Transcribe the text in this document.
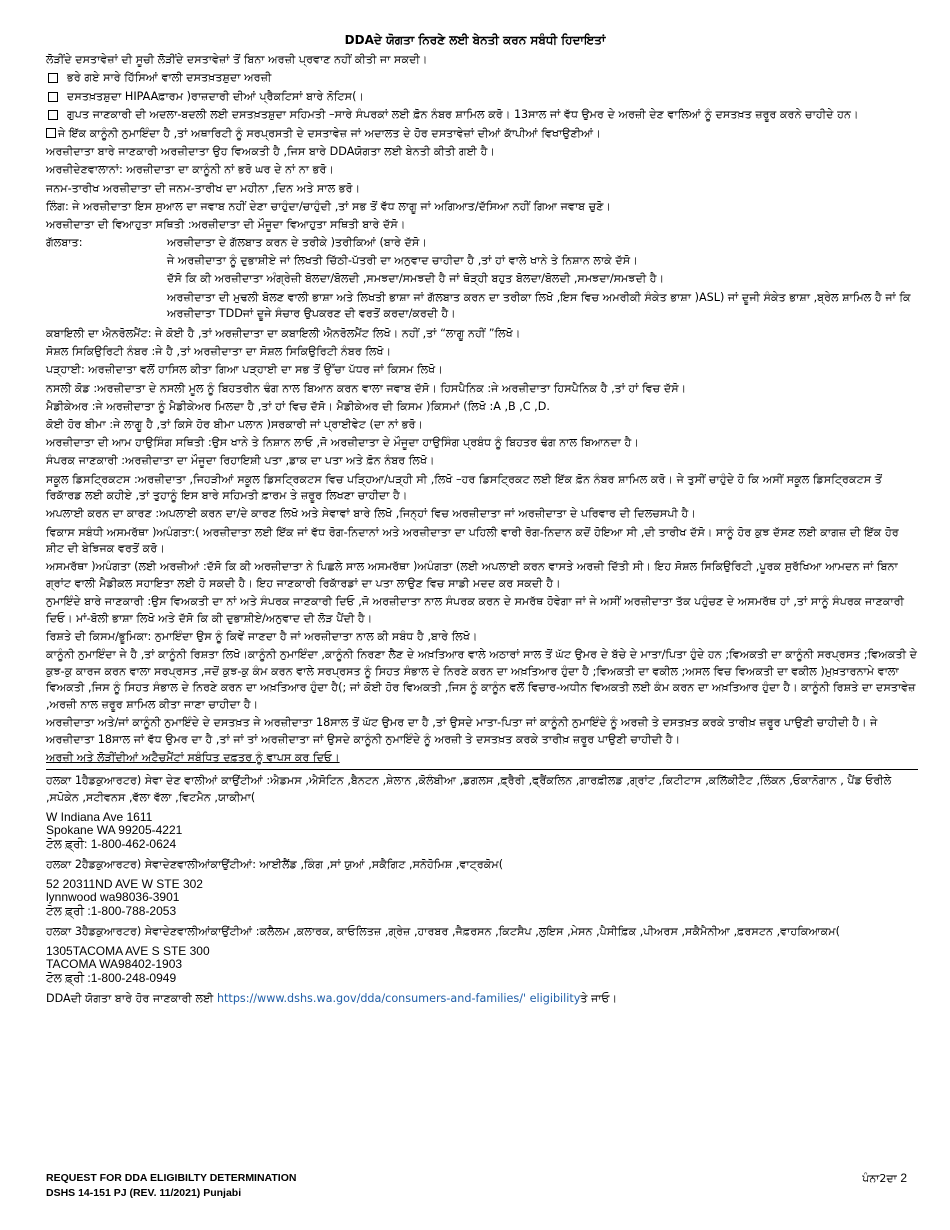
DDAਦੇ ਯੋਗਤਾ ਨਿਰਣੇ ਲਈ ਬੇਨਤੀ ਕਰਨ ਸਬੰਧੀ ਹਿਦਾਇਤਾਂ
ਲੋੜੀਂਦੇ ਦਸਤਾਵੇਜ਼ਾਂ ਦੀ ਸੂਚੀ ਲੋੜੀਂਦੇ ਦਸਤਾਵੇਜ਼ਾਂ ਤੋਂ ਬਿਨਾ ਅਰਜ਼ੀ ਪ੍ਰਵਾਣ ਨਹੀਂ ਕੀਤੀ ਜਾ ਸਕਦੀ।
ਭਰੇ ਗਏ ਸਾਰੇ ਹਿੱਸਿਆਂ ਵਾਲੀ ਦਸਤਖ਼ਤਸ਼ੁਦਾ ਅਰਜ਼ੀ
ਦਸਤਖ਼ਤਸ਼ੁਦਾ HIPAAਫ਼ਾਰਮ )ਰਾਜ਼ਦਾਰੀ ਦੀਆਂ ਪ੍ਰੈਕਟਿਸਾਂ ਬਾਰੇ ਨੋਟਿਸ(।
ਗੁਪਤ ਜਾਣਕਾਰੀ ਦੀ ਅਦਲਾ-ਬਦਲੀ ਲਈ ਦਸਤਖ਼ਤਸ਼ੁਦਾ ਸਹਿਮਤੀ –ਸਾਰੇ ਸੰਪਰਕਾਂ ਲਈ ਫ਼ੋਨ ਨੰਬਰ ਸ਼ਾਮਿਲ ਕਰੋ। 13ਸਾਲ ਜਾਂ ਵੱਧ ਉਮਰ ਦੇ ਅਰਜ਼ੀ ਦੇਣ ਵਾਲਿਆਂ ਨੂੰ ਦਸਤਖ਼ਤ ਜ਼ਰੂਰ ਕਰਨੇ ਚਾਹੀਦੇ ਹਨ।
ਜੇ ਇੱਕ ਕਾਨੂੰਨੀ ਨੁਮਾਇੰਦਾ ਹੈ ,ਤਾਂ ਅਥਾਰਿਟੀ ਨੂੰ ਸਰਪ੍ਰਸਤੀ ਦੇ ਦਸਤਾਵੇਜ਼ ਜਾਂ ਅਦਾਲਤ ਦੇ ਹੋਰ ਦਸਤਾਵੇਜ਼ਾਂ ਦੀਆਂ ਕਾੱਪੀਆਂ ਵਿਖਾਉਣੀਆਂ।
ਅਰਜ਼ੀਦਾਤਾ ਬਾਰੇ ਜਾਣਕਾਰੀ ਅਰਜ਼ੀਦਾਤਾ ਉਹ ਵਿਅਕਤੀ ਹੈ ,ਜਿਸ ਬਾਰੇ DDAਯੋਗਤਾ ਲਈ ਬੇਨਤੀ ਕੀਤੀ ਗਈ ਹੈ।
ਅਰਜ਼ੀਦੇਣਵਾਲਾਨਾਂ: ਅਰਜ਼ੀਦਾਤਾ ਦਾ ਕਾਨੂੰਨੀ ਨਾਂ ਭਰੋ ਘਰ ਦੇ ਨਾਂ ਨਾ ਭਰੋ।
ਜਨਮ-ਤਾਰੀਖ ਅਰਜ਼ੀਦਾਤਾ ਦੀ ਜਨਮ-ਤਾਰੀਖ ਦਾ ਮਹੀਨਾ ,ਦਿਨ ਅਤੇ ਸਾਲ ਭਰੋ।
ਲਿੰਗ: ਜੇ ਅਰਜ਼ੀਦਾਤਾ ਇਸ ਸੁਆਲ ਦਾ ਜਵਾਬ ਨਹੀਂ ਦੇਣਾ ਚਾਹੁੰਦਾ/ਚਾਹੁੰਦੀ ,ਤਾਂ ਸਭ ਤੋਂ ਵੱਧ ਲਾਗੂ ਜਾਂ ਅਗਿਆਤ/ਦੱਸਿਆ ਨਹੀਂ ਗਿਆ ਜਵਾਬ ਚੁਣੋ।
ਅਰਜ਼ੀਦਾਤਾ ਦੀ ਵਿਆਹੁਤਾ ਸਥਿਤੀ :ਅਰਜ਼ੀਦਾਤਾ ਦੀ ਮੌਜੂਦਾ ਵਿਆਹੁਤਾ ਸਥਿਤੀ ਬਾਰੇ ਦੱਸੋ।
ਗੱਲਬਾਤ:	ਅਰਜ਼ੀਦਾਤਾ ਦੇ ਗੱਲਬਾਤ ਕਰਨ ਦੇ ਤਰੀਕੇ )ਤਰੀਕਿਆਂ (ਬਾਰੇ ਦੱਸੋ।
ਜੇ ਅਰਜ਼ੀਦਾਤਾ ਨੂੰ ਦੁਭਾਸ਼ੀਏ ਜਾਂ ਲਿਖਤੀ ਚਿੱਠੀ-ਪੱਤਰੀ ਦਾ ਅਨੁਵਾਦ ਚਾਹੀਦਾ ਹੈ ,ਤਾਂ ਹਾਂ ਵਾਲੇ ਖਾਨੇ ਤੇ ਨਿਸ਼ਾਨ ਲਾਕੇ ਦੱਸੋ।
ਦੱਸੋ ਕਿ ਕੀ ਅਰਜ਼ੀਦਾਤਾ ਅੰਗ੍ਰੇਜ਼ੀ ਬੋਲਦਾ/ਬੋਲਦੀ ,ਸਮਝਦਾ/ਸਮਝਦੀ ਹੈ ਜਾਂ ਥੋੜ੍ਹੀ ਬਹੁਤ ਬੋਲਦਾ/ਬੋਲਦੀ ,ਸਮਝਦਾ/ਸਮਝਦੀ ਹੈ।
ਅਰਜ਼ੀਦਾਤਾ ਦੀ ਮੁਢਲੀ ਬੋਲਣ ਵਾਲੀ ਭਾਸ਼ਾ ਅਤੇ ਲਿਖਤੀ ਭਾਸ਼ਾ ਜਾਂ ਗੱਲਬਾਤ ਕਰਨ ਦਾ ਤਰੀਕਾ ਲਿਖੋ ,ਇਸ ਵਿਚ ਅਮਰੀਕੀ ਸੰਕੇਤ ਭਾਸ਼ਾ )ASL) ਜਾਂ ਦੂਜੀ ਸੰਕੇਤ ਭਾਸ਼ਾ ,ਬ੍ਰੇਲ ਸ਼ਾਮਿਲ ਹੈ ਜਾਂ ਕਿ ਅਰਜ਼ੀਦਾਤਾ TDDਜਾਂ ਦੂਜੇ ਸੰਚਾਰ ਉਪਕਰਣ ਦੀ ਵਰਤੋਂ ਕਰਦਾ/ਕਰਦੀ ਹੈ।
ਕਬਾਇਲੀ ਦਾ ਐਨਰੋਲਮੈਂਟ: ਜੇ ਕੋਈ ਹੈ ,ਤਾਂ ਅਰਜ਼ੀਦਾਤਾ ਦਾ ਕਬਾਇਲੀ ਐਨਰੋਲਮੈਂਟ ਲਿਖੋ। ਨਹੀਂ ,ਤਾਂ “ਲਾਗੂ ਨਹੀਂ ”ਲਿਖੋ।
ਸੋਸ਼ਲ ਸਿਕਿਉਰਿਟੀ ਨੰਬਰ :ਜੇ ਹੈ ,ਤਾਂ ਅਰਜ਼ੀਦਾਤਾ ਦਾ ਸੋਸ਼ਲ ਸਿਕਿਉਰਿਟੀ ਨੰਬਰ ਲਿਖੋ।
ਪੜ੍ਹਾਈ: ਅਰਜ਼ੀਦਾਤਾ ਵਲੋਂ ਹਾਸਿਲ ਕੀਤਾ ਗਿਆ ਪੜ੍ਹਾਈ ਦਾ ਸਭ ਤੋਂ ਉੱਚਾ ਪੱਧਰ ਜਾਂ ਕਿਸਮ ਲਿਖੋ।
ਨਸਲੀ ਕੋਡ :ਅਰਜ਼ੀਦਾਤਾ ਦੇ ਨਸਲੀ ਮੂਲ ਨੂੰ ਬਿਹਤਰੀਨ ਢੰਗ ਨਾਲ ਬਿਆਨ ਕਰਨ ਵਾਲਾ ਜਵਾਬ ਦੱਸੋ। ਹਿਸਪੈਨਿਕ :ਜੇ ਅਰਜ਼ੀਦਾਤਾ ਹਿਸਪੈਨਿਕ ਹੈ ,ਤਾਂ ਹਾਂ ਵਿਚ ਦੱਸੋ।
ਮੈਡੀਕੇਅਰ :ਜੇ ਅਰਜ਼ੀਦਾਤਾ ਨੂੰ ਮੈਡੀਕੇਅਰ ਮਿਲਦਾ ਹੈ ,ਤਾਂ ਹਾਂ ਵਿਚ ਦੱਸੋ। ਮੈਡੀਕੇਅਰ ਦੀ ਕਿਸਮ )ਕਿਸਮਾਂ (ਲਿਖੋ :A ,B ,C ,D.
ਕੋਈ ਹੋਰ ਬੀਮਾ :ਜੇ ਲਾਗੂ ਹੈ ,ਤਾਂ ਕਿਸੇ ਹੋਰ ਬੀਮਾ ਪਲਾਨ )ਸਰਕਾਰੀ ਜਾਂ ਪ੍ਰਾਈਵੇਟ (ਦਾ ਨਾਂ ਭਰੋ।
ਅਰਜ਼ੀਦਾਤਾ ਦੀ ਆਮ ਹਾਉਸਿੰਗ ਸਥਿਤੀ :ਉਸ ਖਾਨੇ ਤੇ ਨਿਸ਼ਾਨ ਲਾਓ ,ਜੋ ਅਰਜ਼ੀਦਾਤਾ ਦੇ ਮੌਜੂਦਾ ਹਾਉਸਿੰਗ ਪ੍ਰਬੰਧ ਨੂੰ ਬਿਹਤਰ ਢੰਗ ਨਾਲ ਬਿਆਨਦਾ ਹੈ।
ਸੰਪਰਕ ਜਾਣਕਾਰੀ :ਅਰਜ਼ੀਦਾਤਾ ਦਾ ਮੌਜੂਦਾ ਰਿਹਾਇਸ਼ੀ ਪਤਾ ,ਡਾਕ ਦਾ ਪਤਾ ਅਤੇ ਫ਼ੋਨ ਨੰਬਰ ਲਿਖੋ।
ਸਕੂਲ ਡਿਸਟ੍ਰਿਕਟਸ :ਅਰਜ਼ੀਦਾਤਾ ,ਜਿਹੜੀਆਂ ਸਕੂਲ ਡਿਸਟ੍ਰਿਕਟਸ ਵਿਚ ਪੜ੍ਹਿਆ/ਪੜ੍ਹੀ ਸੀ ,ਲਿਖੋ –ਹਰ ਡਿਸਟ੍ਰਿਕਟ ਲਈ ਇੱਕ ਫ਼ੋਨ ਨੰਬਰ ਸ਼ਾਮਿਲ ਕਰੋ। ਜੇ ਤੁਸੀਂ ਚਾਹੁੰਦੇ ਹੋ ਕਿ ਅਸੀਂ ਸਕੂਲ ਡਿਸਟ੍ਰਿਕਟਸ ਤੋਂ ਰਿਕਾੱਰਡ ਲਈ ਕਹੀਏ ,ਤਾਂ ਤੁਹਾਨੂੰ ਇਸ ਬਾਰੇ ਸਹਿਮਤੀ ਫ਼ਾਰਮ ਤੇ ਜ਼ਰੂਰ ਲਿਖਣਾ ਚਾਹੀਦਾ ਹੈ।
ਅਪਲਾਈ ਕਰਨ ਦਾ ਕਾਰਣ :ਅਪਲਾਈ ਕਰਨ ਦਾ/ਦੇ ਕਾਰਣ ਲਿਖੋ ਅਤੇ ਸੇਵਾਵਾਂ ਬਾਰੇ ਲਿਖੋ ,ਜਿਨ੍ਹਾਂ ਵਿਚ ਅਰਜ਼ੀਦਾਤਾ ਜਾਂ ਅਰਜ਼ੀਦਾਤਾ ਦੇ ਪਰਿਵਾਰ ਦੀ ਦਿਲਚਸਪੀ ਹੈ।
ਵਿਕਾਸ ਸਬੰਧੀ ਅਸਮਰੱਥਾ )ਅਪੰਗਤਾ:( ਅਰਜ਼ੀਦਾਤਾ ਲਈ ਇੱਕ ਜਾਂ ਵੱਧ ਰੋਗ-ਨਿਦਾਨਾਂ ਅਤੇ ਅਰਜ਼ੀਦਾਤਾ ਦਾ ਪਹਿਲੀ ਵਾਰੀ ਰੋਗ-ਨਿਦਾਨ ਕਦੋਂ ਹੋਇਆ ਸੀ ,ਦੀ ਤਾਰੀਖ ਦੱਸੋ। ਸਾਨੂੰ ਹੋਰ ਕੁਝ ਦੱਸਣ ਲਈ ਕਾਗਜ਼ ਦੀ ਇੱਕ ਹੋਰ ਸ਼ੀਟ ਦੀ ਬੇਝਿਜਕ ਵਰਤੋਂ ਕਰੋ।
ਅਸਮਰੱਥਾ )ਅਪੰਗਤਾ (ਲਈ ਅਰਜ਼ੀਆਂ :ਦੱਸੋ ਕਿ ਕੀ ਅਰਜ਼ੀਦਾਤਾ ਨੇ ਪਿਛਲੇ ਸਾਲ ਅਸਮਰੱਥਾ )ਅਪੰਗਤਾ (ਲਈ ਅਪਲਾਈ ਕਰਨ ਵਾਸਤੇ ਅਰਜ਼ੀ ਦਿੱਤੀ ਸੀ। ਇਹ ਸੋਸ਼ਲ ਸਿਕਿਉਰਿਟੀ ,ਪੂਰਕ ਸੁਰੱਖਿਆ ਆਮਦਨ ਜਾਂ ਬਿਨਾ ਗ੍ਰਾਂਟ ਵਾਲੀ ਮੈਡੀਕਲ ਸਹਾਇਤਾ ਲਈ ਹੋ ਸਕਦੀ ਹੈ। ਇਹ ਜਾਣਕਾਰੀ ਰਿਕਾੱਰਡਾਂ ਦਾ ਪਤਾ ਲਾਉਣ ਵਿਚ ਸਾਡੀ ਮਦਦ ਕਰ ਸਕਦੀ ਹੈ।
ਨੁਮਾਇੰਦੇ ਬਾਰੇ ਜਾਣਕਾਰੀ :ਉਸ ਵਿਅਕਤੀ ਦਾ ਨਾਂ ਅਤੇ ਸੰਪਰਕ ਜਾਣਕਾਰੀ ਦਿਓ ,ਜੋ ਅਰਜ਼ੀਦਾਤਾ ਨਾਲ ਸੰਪਰਕ ਕਰਨ ਦੇ ਸਮਰੱਥ ਹੋਵੇਗਾ ਜਾਂ ਜੇ ਅਸੀਂ ਅਰਜ਼ੀਦਾਤਾ ਤੱਕ ਪਹੁੰਚਣ ਦੇ ਅਸਮਰੱਥ ਹਾਂ ,ਤਾਂ ਸਾਨੂੰ ਸੰਪਰਕ ਜਾਣਕਾਰੀ ਦਿਓ। ਮਾਂ-ਬੋਲੀ ਭਾਸ਼ਾ ਲਿਖੋ ਅਤੇ ਦੱਸੋ ਕਿ ਕੀ ਦੁਭਾਸ਼ੀਏ/ਅਨੁਵਾਦ ਦੀ ਲੋੜ ਪੈਂਦੀ ਹੈ।
ਰਿਸ਼ਤੇ ਦੀ ਕਿਸਮ/ਭੂਮਿਕਾ: ਨੁਮਾਇੰਦਾ ਉਸ ਨੂੰ ਕਿਵੇਂ ਜਾਣਦਾ ਹੈ ਜਾਂ ਅਰਜ਼ੀਦਾਤਾ ਨਾਲ ਕੀ ਸਬੰਧ ਹੈ ,ਬਾਰੇ ਲਿਖੋ।
ਕਾਨੂੰਨੀ ਨੁਮਾਇੰਦਾ ਜੇ ਹੈ ,ਤਾਂ ਕਾਨੂੰਨੀ ਰਿਸ਼ਤਾ ਲਿਖੋ।ਕਾਨੂੰਨੀ ਨੁਮਾਇੰਦਾ ,ਕਾਨੂੰਨੀ ਨਿਰਣਾ ਲੈਣ ਦੇ ਅਖ਼ਤਿਆਰ ਵਾਲੇ ਅਠਾਰਾਂ ਸਾਲ ਤੋਂ ਘੱਟ ਉਮਰ ਦੇ ਬੱਚੇ ਦੇ ਮਾਤਾ/ਪਿਤਾ ਹੁੰਦੇ ਹਨ ;ਵਿਅਕਤੀ ਦਾ ਕਾਨੂੰਨੀ ਸਰਪ੍ਰਸਤ ;ਵਿਅਕਤੀ ਦੇ ਕੁਝ-ਕੁ ਕਾਰਜ ਕਰਨ ਵਾਲਾ ਸਰਪ੍ਰਸਤ ,ਜਦੋਂ ਕੁਝ-ਕੁ ਕੰਮ ਕਰਨ ਵਾਲੇ ਸਰਪ੍ਰਸਤ ਨੂੰ ਸਿਹਤ ਸੰਭਾਲ ਦੇ ਨਿਰਣੇ ਕਰਨ ਦਾ ਅਖ਼ਤਿਆਰ ਹੁੰਦਾ ਹੈ ;ਵਿਅਕਤੀ ਦਾ ਵਕੀਲ ;ਅਸਲ ਵਿਚ ਵਿਅਕਤੀ ਦਾ ਵਕੀਲ )ਮੁਖ਼ਤਾਰਨਾਮੇ ਵਾਲਾ ਵਿਅਕਤੀ ,ਜਿਸ ਨੂੰ ਸਿਹਤ ਸੰਭਾਲ ਦੇ ਨਿਰਣੇ ਕਰਨ ਦਾ ਅਖ਼ਤਿਆਰ ਹੁੰਦਾ ਹੈ(; ਜਾਂ ਕੋਈ ਹੋਰ ਵਿਅਕਤੀ ,ਜਿਸ ਨੂੰ ਕਾਨੂੰਨ ਵਲੋਂ ਵਿਚਾਰ-ਅਧੀਨ ਵਿਅਕਤੀ ਲਈ ਕੰਮ ਕਰਨ ਦਾ ਅਖ਼ਤਿਆਰ ਹੁੰਦਾ ਹੈ। ਕਾਨੂੰਨੀ ਰਿਸ਼ਤੇ ਦਾ ਦਸਤਾਵੇਜ਼ ,ਅਰਜ਼ੀ ਨਾਲ ਜ਼ਰੂਰ ਸ਼ਾਮਿਲ ਕੀਤਾ ਜਾਣਾ ਚਾਹੀਦਾ ਹੈ।
ਅਰਜ਼ੀਦਾਤਾ ਅਤੇ/ਜਾਂ ਕਾਨੂੰਨੀ ਨੁਮਾਇੰਦੇ ਦੇ ਦਸਤਖ਼ਤ ਜੇ ਅਰਜ਼ੀਦਾਤਾ 18ਸਾਲ ਤੋਂ ਘੱਟ ਉਮਰ ਦਾ ਹੈ ,ਤਾਂ ਉਸਦੇ ਮਾਤਾ-ਪਿਤਾ ਜਾਂ ਕਾਨੂੰਨੀ ਨੁਮਾਇੰਦੇ ਨੂੰ ਅਰਜ਼ੀ ਤੇ ਦਸਤਖ਼ਤ ਕਰਕੇ ਤਾਰੀਖ਼ ਜ਼ਰੂਰ ਪਾਉਣੀ ਚਾਹੀਦੀ ਹੈ। ਜੇ ਅਰਜ਼ੀਦਾਤਾ 18ਸਾਲ ਜਾਂ ਵੱਧ ਉਮਰ ਦਾ ਹੈ ,ਤਾਂ ਜਾਂ ਤਾਂ ਅਰਜ਼ੀਦਾਤਾ ਜਾਂ ਉਸਦੇ ਕਾਨੂੰਨੀ ਨੁਮਾਇੰਦੇ ਨੂੰ ਅਰਜ਼ੀ ਤੇ ਦਸਤਖ਼ਤ ਕਰਕੇ ਤਾਰੀਖ਼ ਜ਼ਰੂਰ ਪਾਉਣੀ ਚਾਹੀਦੀ ਹੈ।
ਅਰਜ਼ੀ ਅਤੇ ਲੋੜੀਂਦੀਆਂ ਅਟੈਚਮੈਂਟਾਂ ਸਬੰਧਿਤ ਦਫ਼ਤਰ ਨੂੰ ਵਾਪਸ ਕਰ ਦਿਓ।
ਹਲਕਾ 1ਹੈਡਕੁਆਰਟਰ) ਸੇਵਾ ਦੇਣ ਵਾਲੀਆਂ ਕਾਉਂਟੀਆਂ :ਐਡਮਸ ,ਐਸੋਟਿਨ ,ਬੈਨਟਨ ,ਸ਼ੇਲਾਨ ,ਕੋਲੰਬੀਆ ,ਡਗਲਸ ,ਫ਼੍ਰੈਰੀ ,ਫ੍ਰੈਂਕਲਿਨ ,ਗਾਰਫ਼ੀਲਡ ,ਗ੍ਰਾਂਟ ,ਕਿਟੀਟਾਸ ,ਕਲਿੱਕੀਟੈਟ ,ਲਿੰਕਨ ,ਓਕਾਨੋਗਾਨ , ਪੈਂਡ ਓਰੀਲੇ ,ਸਪੋਕੇਨ ,ਸਟੀਵਨਸ ,ਵੱਲਾ ਵੱਲਾ ,ਵਿਟਮੈਨ ,ਯਾਕੀਮਾ(
W Indiana Ave 1611
Spokane WA 99205-4221
ਟੋਲ ਫ਼੍ਰੀ: 1-800-462-0624
ਹਲਕਾ 2ਹੈਡਕੁਆਰਟਰ) ਸੇਵਾਦੇਣਵਾਲੀਆਂਕਾਉਂਟੀਆਂ: ਆਈਲੈਂਡ ,ਕਿੰਗ ,ਸਾਂ ਯੁਆਂ ,ਸਕੈਗਿਟ ,ਸਨੋਹੋਮਿਸ਼ ,ਵਾਟ੍ਰਕੋਮ(
52 20311ND AVE W STE 302
lynnwood wa98036-3901
ਟੋਲ ਫ਼੍ਰੀ :1-800-788-2053
ਹਲਕਾ 3ਹੈਡਕੁਆਰਟਰ) ਸੇਵਾਦੇਣਵਾਲੀਆਂਕਾਉਂਟੀਆਂ :ਕਲੈਲਮ ,ਕਲਾਰਕ, ਕਾਓਲਿਤਜ਼ ,ਗ੍ਰੇਜ਼ ,ਹਾਰਬਰ ,ਜੈਫ਼ਰਸਨ ,ਕਿਟਸੈਪ ,ਲੁਇਸ ,ਮੇਸਨ ,ਪੈਸੀਫ਼ਿਕ ,ਪੀਅਰਸ ,ਸਕੈਮੈਨੀਆ ,ਫ਼ਰਸਟਨ ,ਵਾਹਕਿਆਕਮ(
1305TACOMA AVE S STE 300
TACOMA WA98402-1903
ਟੋਲ ਫ਼੍ਰੀ :1-800-248-0949
DDAਦੀ ਯੋਗਤਾ ਬਾਰੇ ਹੋਰ ਜਾਣਕਾਰੀ ਲਈ https://www.dshs.wa.gov/dda/consumers-and-families/' eligibilityਤੇ ਜਾਓ।
REQUEST FOR DDA ELIGIBILTY DETERMINATION
DSHS 14-151 PJ (REV. 11/2021) Punjabi
ਪੰਨਾ2ਦਾ 2
